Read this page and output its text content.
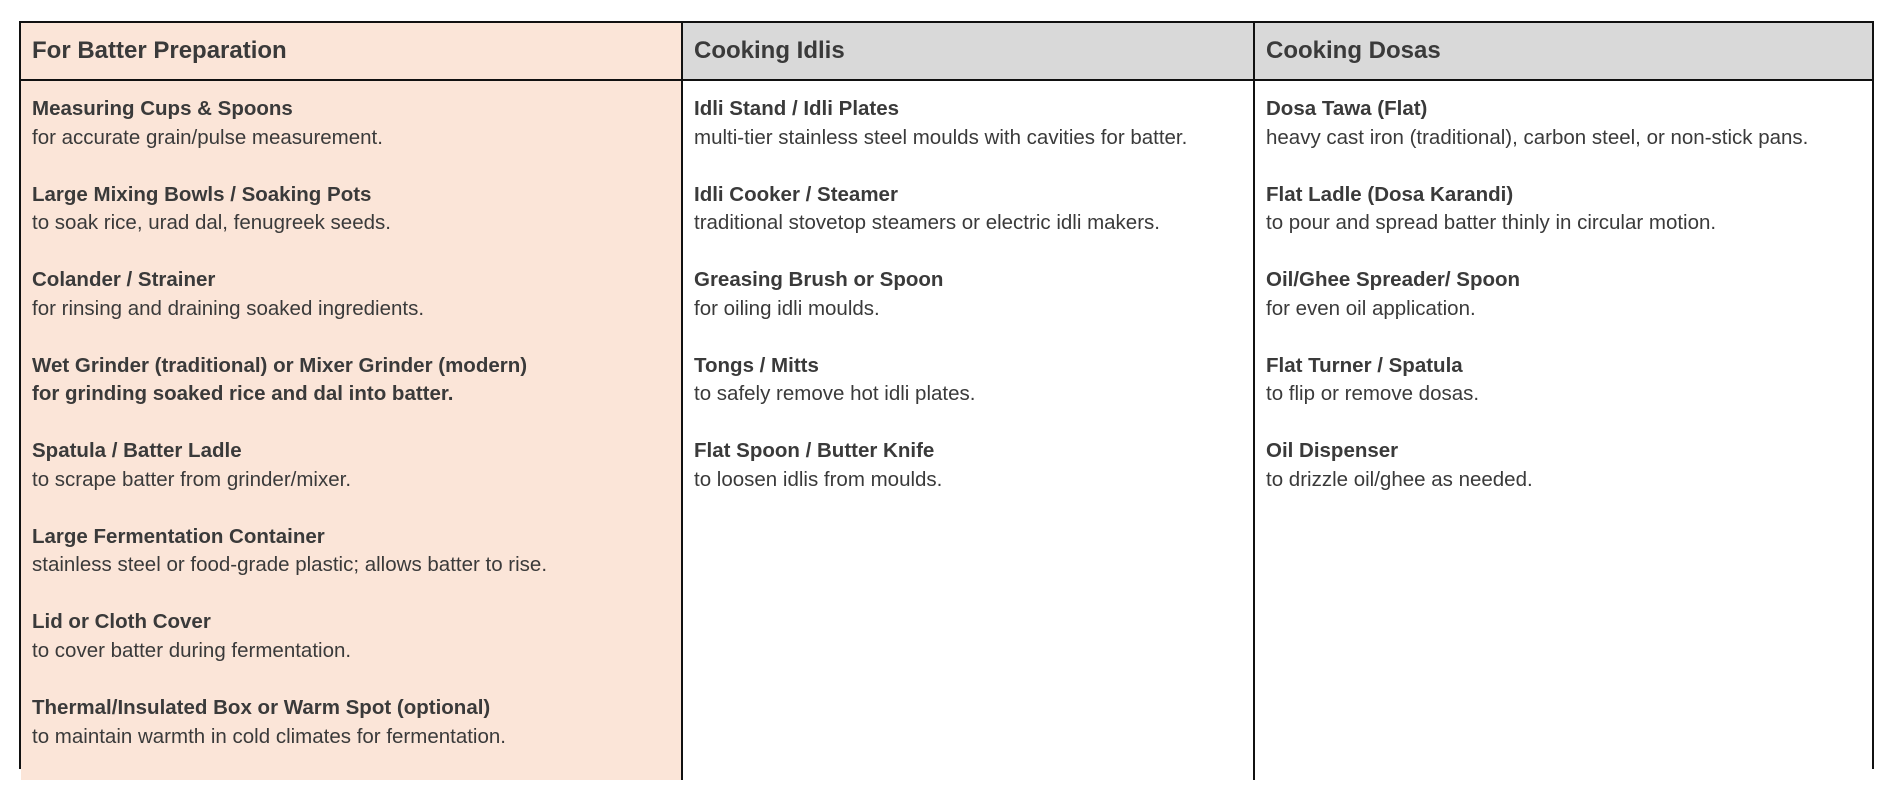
For Batter Preparation	Cooking Idlis	Cooking Dosas
Measuring Cups & Spoons
for accurate grain/pulse measurement.
Large Mixing Bowls / Soaking Pots
to soak rice, urad dal, fenugreek seeds.
Colander / Strainer
for rinsing and draining soaked ingredients.
Wet Grinder (traditional) or Mixer Grinder (modern)
for grinding soaked rice and dal into batter.
Spatula / Batter Ladle
to scrape batter from grinder/mixer.
Large Fermentation Container
stainless steel or food-grade plastic; allows batter to rise.
Lid or Cloth Cover
to cover batter during fermentation.
Thermal/Insulated Box or Warm Spot (optional)
to maintain warmth in cold climates for fermentation.
Idli Stand / Idli Plates
multi-tier stainless steel moulds with cavities for batter.
Idli Cooker / Steamer
traditional stovetop steamers or electric idli makers.
Greasing Brush or Spoon
for oiling idli moulds.
Tongs / Mitts
to safely remove hot idli plates.
Flat Spoon / Butter Knife
to loosen idlis from moulds.
Dosa Tawa (Flat)
heavy cast iron (traditional), carbon steel, or non-stick pans.
Flat Ladle (Dosa Karandi)
to pour and spread batter thinly in circular motion.
Oil/Ghee Spreader/ Spoon
for even oil application.
Flat Turner / Spatula
to flip or remove dosas.
Oil Dispenser
to drizzle oil/ghee as needed.
